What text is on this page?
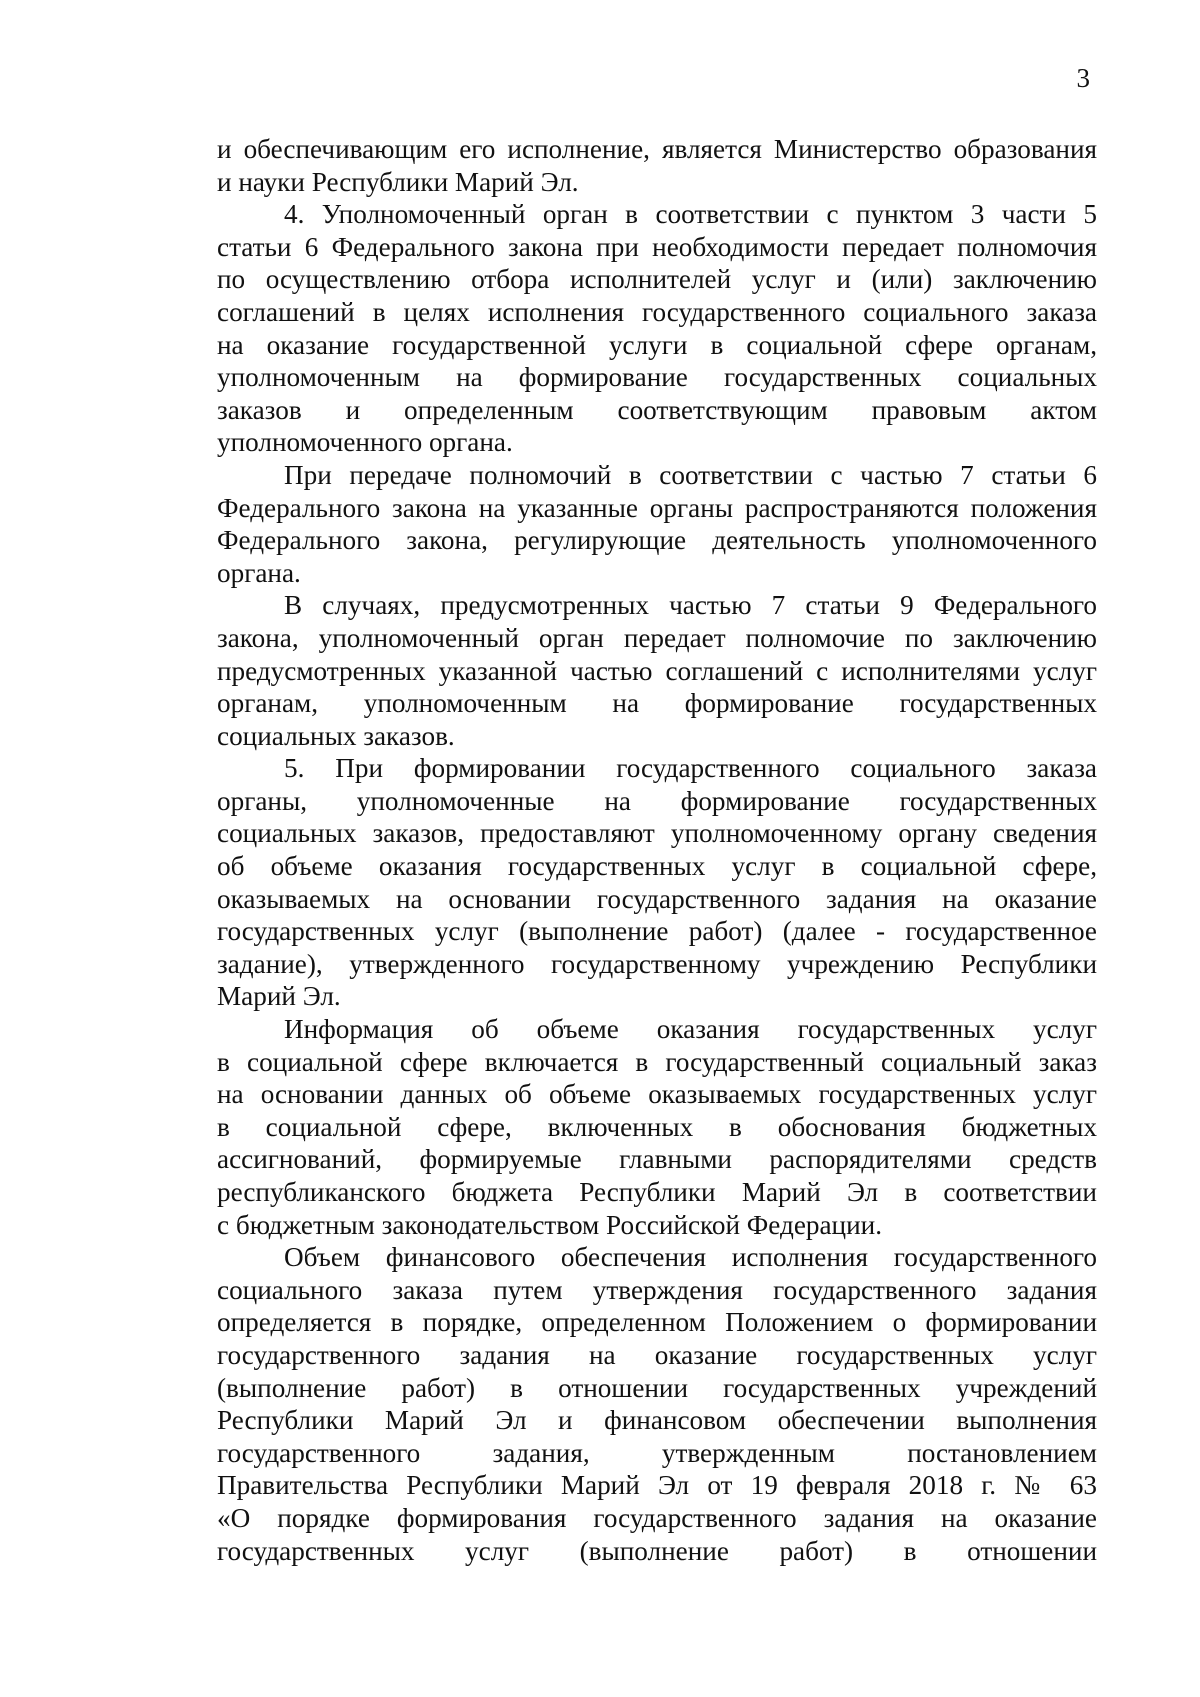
3

и обеспечивающим его исполнение, является Министерство образования
и науки Республики Марий Эл.

4. Уполномоченный орган в соответствии с пунктом 3 части 5
статьи 6 Федерального закона при необходимости передает полномочия
по осуществлению отбора исполнителей услуг и (или) заключению
соглашений в целях исполнения государственного социального заказа
на оказание государственной услуги в социальной сфере органам,
уполномоченным на формирование государственных социальных
заказов и определенным соответствующим правовым актом
уполномоченного органа.

При передаче полномочий в соответствии с частью 7 статьи 6
Федерального закона на указанные органы распространяются положения
Федерального закона, регулирующие деятельность уполномоченного
органа.

В случаях, предусмотренных частью 7 статьи 9 Федерального
закона, уполномоченный орган передает полномочие по заключению
предусмотренных указанной частью соглашений с исполнителями услуг
органам, уполномоченным на формирование государственных
социальных заказов.

5. При формировании государственного социального заказа
органы, уполномоченные на формирование государственных
социальных заказов, предоставляют уполномоченному органу сведения
об объеме оказания государственных услуг в социальной сфере,
оказываемых на основании государственного задания на оказание
государственных услуг (выполнение работ) (далее - государственное
задание), утвержденного государственному учреждению Республики
Марий Эл.

Информация об объеме оказания государственных услуг
в социальной сфере включается в государственный социальный заказ
на основании данных об объеме оказываемых государственных услуг
в социальной сфере, включенных в обоснования бюджетных
ассигнований, формируемые главными распорядителями средств
республиканского бюджета Республики Марий Эл в соответствии
с бюджетным законодательством Российской Федерации.

Объем финансового обеспечения исполнения государственного
социального заказа путем утверждения государственного задания
определяется в порядке, определенном Положением о формировании
государственного задания на оказание государственных услуг
(выполнение работ) в отношении государственных учреждений
Республики Марий Эл и финансовом обеспечении выполнения
государственного задания, утвержденным постановлением
Правительства Республики Марий Эл от 19 февраля 2018 г. № 63
«О порядке формирования государственного задания на оказание
государственных услуг (выполнение работ) в отношении
